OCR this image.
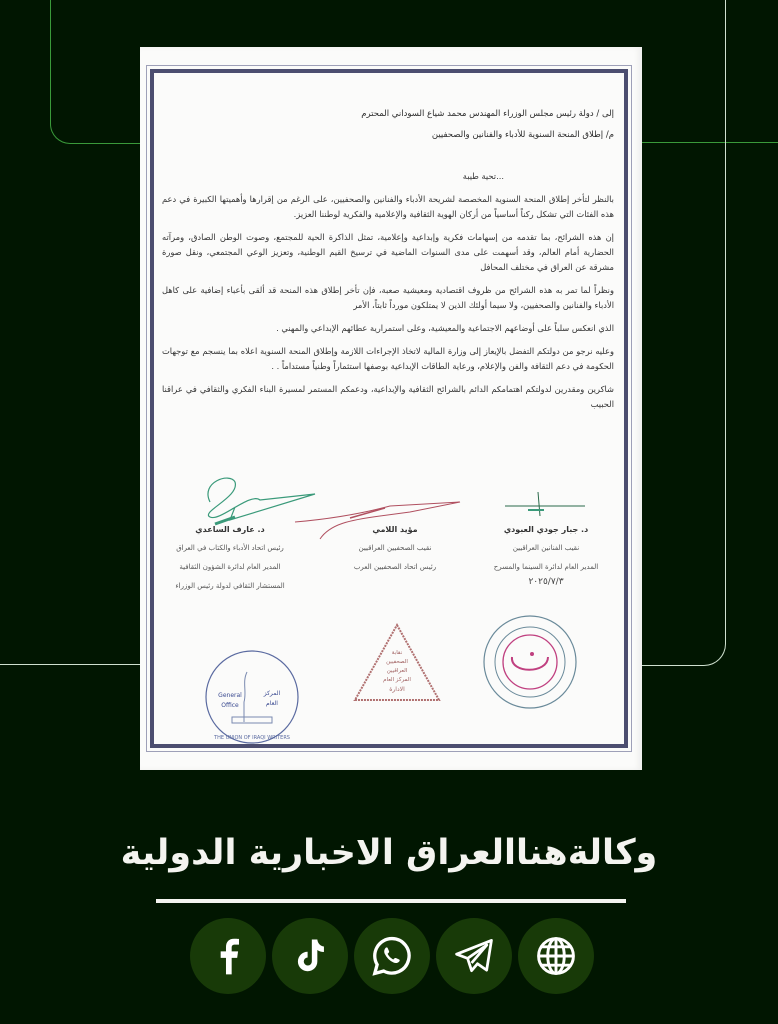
إلى / دولة رئيس مجلس الوزراء المهندس محمد شياع السوداني المحترم
م/ إطلاق المنحة السنوية للأدباء والفنانين والصحفيين
...تحية طيبة

بالنظر لتأخر إطلاق المنحة السنوية المخصصة لشريحة الأدباء والفنانين والصحفيين، على الرغم من إقرارها وأهميتها الكبيرة في دعم هذه الفئات التي تشكل ركناً أساسياً من أركان الهوية الثقافية والإعلامية والفكرية لوطننا العزيز.

إن هذه الشرائح، بما تقدمه من إسهامات فكرية وإبداعية وإعلامية، تمثل الذاكرة الحية للمجتمع، وصوت الوطن الصادق، ومرآته الحضارية أمام العالم، وقد أسهمت على مدى السنوات الماضية في ترسيخ القيم الوطنية، وتعزيز الوعي المجتمعي، ونقل صورة مشرقة عن العراق في مختلف المحافل

ونظراً لما تمر به هذه الشرائح من ظروف اقتصادية ومعيشية صعبة، فإن تأخر إطلاق هذه المنحة قد ألقى بأعباء إضافية على كاهل الأدباء والفنانين والصحفيين، ولا سيما أولئك الذين لا يمتلكون مورداً ثابتاً، الأمر

الذي انعكس سلباً على أوضاعهم الاجتماعية والمعيشية، وعلى استمرارية عطائهم الإبداعي والمهني .

وعليه نرجو من دولتكم التفضل بالإيعاز إلى وزارة المالية لاتخاذ الإجراءات اللازمة وإطلاق المنحة السنوية اعلاه بما ينسجم مع توجهات الحكومة في دعم الثقافة والفن والإعلام، ورعاية الطاقات الإبداعية بوصفها استثماراً وطنياً مستداماً . .

شاكرين ومقدرين لدولتكم اهتمامكم الدائم بالشرائح الثقافية والإبداعية، ودعمكم المستمر لمسيرة البناء الفكري والثقافي في عراقنا الحبيب

د. جبار جودي العبودي
نقيب الفنانين العراقيين
المدير العام لدائرة السينما والمسرح
٢٠٢٥/٧/٣
مؤيد اللامي
نقيب الصحفيين العراقيين
رئيس اتحاد الصحفيين العرب
د. عارف الساعدي
رئيس اتحاد الأدباء والكتاب في العراق
المدير العام لدائرة الشؤون الثقافية
المستشار الثقافي لدولة رئيس الوزراء
General
Office
المركز
العام
THE UNION OF IRAQI WRITERS
نقابة
الصحفيين
العراقيين
المركز العام
الادارة
وكالةهناالعراق الاخبارية الدولية
